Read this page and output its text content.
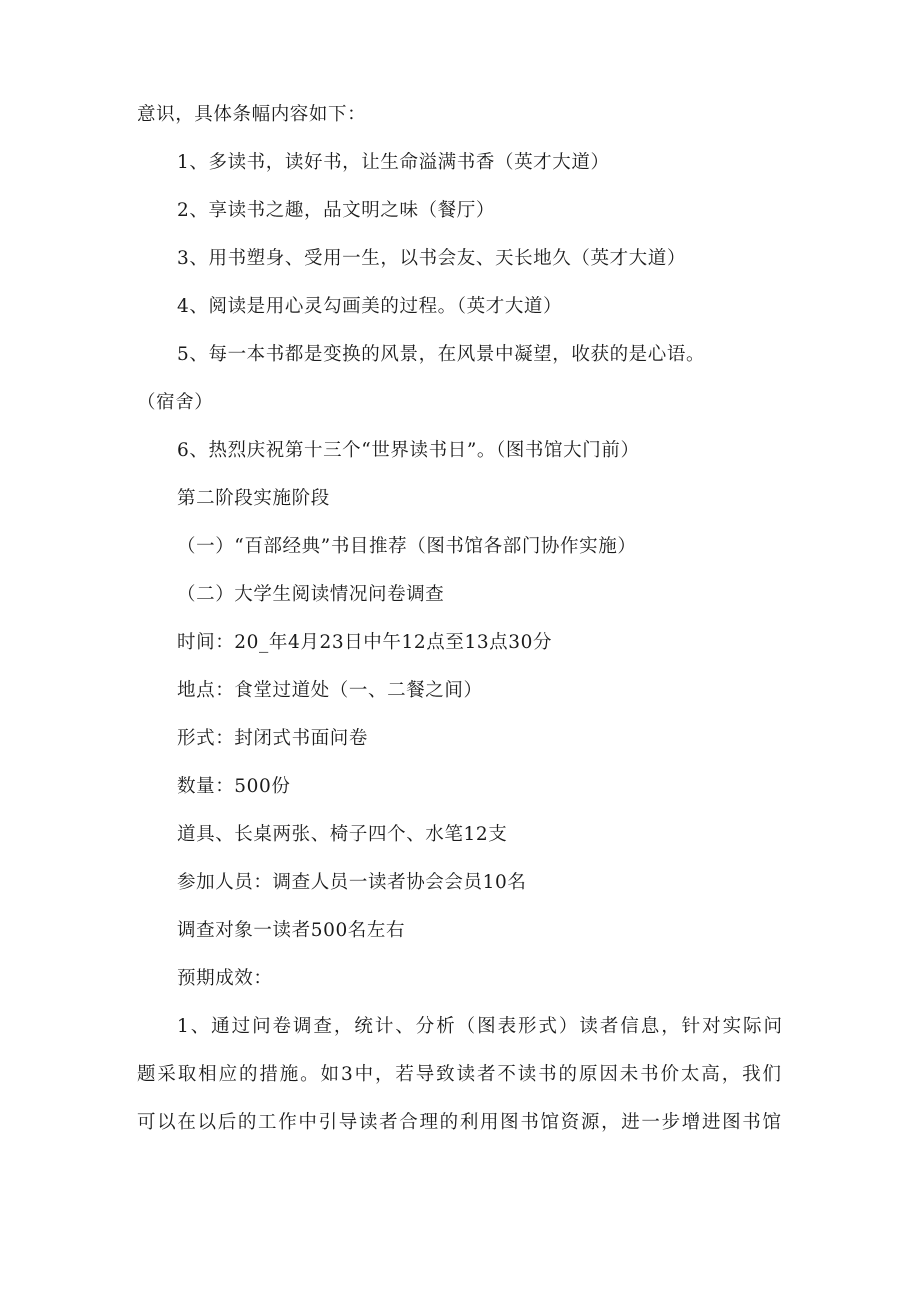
意识，具体条幅内容如下：

1、多读书，读好书，让生命溢满书香（英才大道）

2、享读书之趣，品文明之味（餐厅）

3、用书塑身、受用一生，以书会友、天长地久（英才大道）

4、阅读是用心灵勾画美的过程。（英才大道）

5、每一本书都是变换的风景，在风景中凝望，收获的是心语。

（宿舍）

6、热烈庆祝第十三个“世界读书日”。（图书馆大门前）

第二阶段实施阶段

（一）“百部经典”书目推荐（图书馆各部门协作实施）

（二）大学生阅读情况问卷调查

时间：20_年4月23日中午12点至13点30分

地点：食堂过道处（一、二餐之间）

形式：封闭式书面问卷

数量：500份

道具、长桌两张、椅子四个、水笔12支

参加人员：调查人员一读者协会会员10名

调查对象一读者500名左右

预期成效：

1、通过问卷调查，统计、分析（图表形式）读者信息，针对实际问

题采取相应的措施。如3中，若导致读者不读书的原因未书价太高，我们

可以在以后的工作中引导读者合理的利用图书馆资源，进一步增进图书馆
